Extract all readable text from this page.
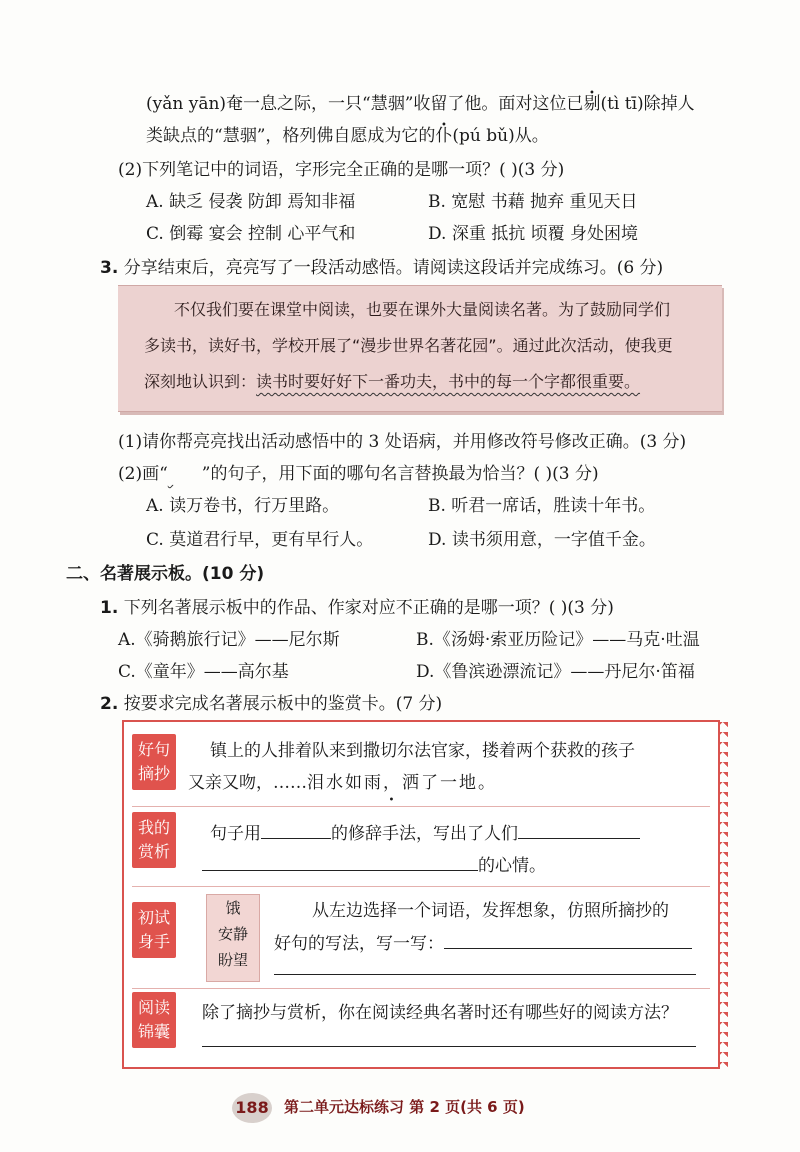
(yǎn yān)奄一息之际，一只“慧骃”收留了他。面对这位已剔(tì tī)除掉人
类缺点的“慧骃”，格列佛自愿成为它的仆(pú bǔ)从。
(2)下列笔记中的词语，字形完全正确的是哪一项？( )(3 分)
A. 缺乏 侵袭 防卸 焉知非福	B. 宽慰 书藉 抛弃 重见天日
C. 倒霉 宴会 控制 心平气和	D. 深重 抵抗 顷覆 身处困境
3. 分享结束后，亮亮写了一段活动感悟。请阅读这段话并完成练习。(6 分)
不仅我们要在课堂中阅读，也要在课外大量阅读名著。为了鼓励同学们
多读书，读好书，学校开展了“漫步世界名著花园”。通过此次活动，使我更
深刻地认识到：读书时要好好下一番功夫，书中的每一个字都很重要。
(1)请你帮亮亮找出活动感悟中的 3 处语病，并用修改符号修改正确。(3 分)
(2)画“ ”的句子，用下面的哪句名言替换最为恰当？( )(3 分)
A. 读万卷书，行万里路。	B. 听君一席话，胜读十年书。
C. 莫道君行早，更有早行人。	D. 读书须用意，一字值千金。
二、名著展示板。(10 分)
1. 下列名著展示板中的作品、作家对应不正确的是哪一项？( )(3 分)
A.《骑鹅旅行记》——尼尔斯	B.《汤姆·索亚历险记》——马克·吐温
C.《童年》——高尔基	D.《鲁滨逊漂流记》——丹尼尔·笛福
2. 按要求完成名著展示板中的鉴赏卡。(7 分)
好句
摘抄
镇上的人排着队来到撒切尔法官家，搂着两个获救的孩子
又亲又吻，……泪水如雨，洒了一地 •。
我的
赏析
句子用	的修辞手法，写出了人们
的心情。
初试
身手
饿
安静
盼望
从左边选择一个词语，发挥想象，仿照所摘抄的
好句的写法，写一写：
阅读
锦囊
除了摘抄与赏析，你在阅读经典名著时还有哪些好的阅读方法？
188 第二单元达标练习 第 2 页(共 6 页)
